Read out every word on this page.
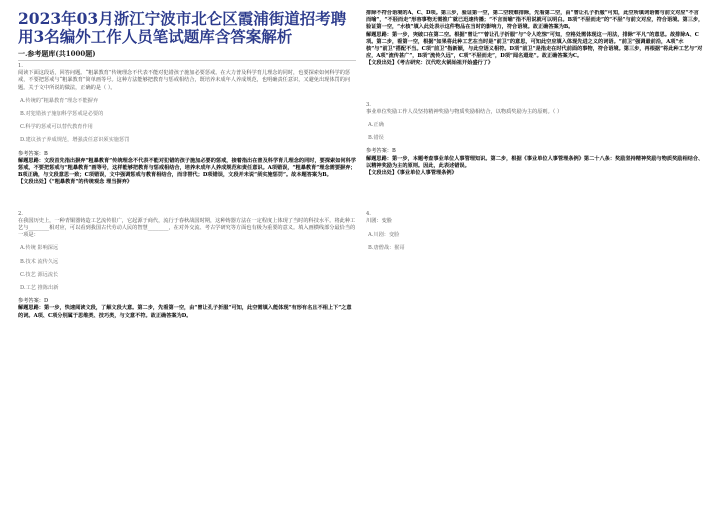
2023年03月浙江宁波市北仑区霞浦街道招考聘用3名编外工作人员笔试题库含答案解析
一.参考题库(共1000题)

1.

阅读下面这段话，回答问题。“粗暴教育”传统理念不代表不能对犯错孩子施加必要惩戒。在大力普及科学育儿理念的同时，也要探索如何科学的惩戒，不要把惩戒与“粗暴教育”简单画等号。这种方法能够把教育与惩戒相结合，既培养未成年人养成规范，也明确责任意识，又避免出现体罚的问题。关于文中所说的做法，正确的是（ ）。

A.传统的“粗暴教育”理念不能摒弃

B.对犯错孩子施加科学惩戒是必要的

C.科学的惩戒可以替代教育作用

D.建议孩子养成规范，增强责任意识须实施惩罚

参考答案：B

解题思路：文段首先指出摒弃“粗暴教育”传统理念不代表不能对犯错的孩子施加必要的惩戒，接着指出在普及科学育儿理念的同时，要探索如何科学惩戒，不要把惩戒与“粗暴教育”画等号，这样能够把教育与惩戒相结合，培养未成年人养成规范和责任意识。A项错误，“粗暴教育”理念需要摒弃；B项正确，与文段意思一致；C项错误，文中强调惩戒与教育相结合，而非替代；D项错误，文段并未说“须实施惩罚”。故本题答案为B。

【文段出处】《“粗暴教育”的传统观念 理当摒弃》

2.

在我国历史上，一种青铜器铸造工艺流传很广，它起源于商代，流行于春秋战国时期，这种铸器方法在一定程度上体现了当时的科技水平。将此种工艺与________相对应，可以看到我国古代劳动人民的智慧________，在对外交流、考古学研究等方面也有极为重要的意义。填入画横线部分最恰当的一项是：

A.传统 影响深远

B.技术 流传久远

C.技艺 源远流长

D.工艺 推陈出新

参考答案：D

解题思路：第一步，快速阅读文段，了解文段大意。第二步，先看第一空，由“曾让孔子折服”可知，此空需填入能体现“有形有名且不相上下”之意的词。A项、C项分别属于思维类、技巧类，与文意不符。故正确答案为D。

排除不符合语境的A、C、D项。第三步，验证第一空，第二空较难排除，先看第二空，由“曾让孔子折服”可知，此空所填词语需与前文对应“不言而喻”，“不胫而走”形容事物无需推广就已迅速传播；“不言而喻”指不用说就可以明白。B项“不胫而走”的“不胫”与前文对应，符合语境。第三步，验证第一空，“水核”填入此处表示这件物品在当时的影响力，符合语境。故正确答案为B。

解题思路：第一步，突破口在第二空。根据“曾让”“曾让孔子折服”与“令人吃惊”可知，空格处需体现这一用法，排除“平凡”的意思。故排除A、C项。第二步，看第一空，根据“如果将此种工艺在当时是“前卫”的意思，可知此空应填入体现先进之义的词语。“前卫”强调最前沿，A项“水核”与“前卫”搭配不当。C项“前卫”指新颖，与此空语义相符。D项“前卫”是指走在时代前面的事物，符合语境。第三步，再根据“将此种工艺与”对应，A项“流传甚广”，B项“流传久远”，C项“不胫而走”，D项“闻名遐迩”。故正确答案为C。

【文段出处】《考古研究：汉代吃火锅始祖开始盛行了》

3.

事业单位奖励工作人员坚持精神奖励与物质奖励相结合，以物质奖励为主的原则。（ ）

A.正确

B.错误

参考答案：B

解题思路：第一步，本题考查事业单位人事管理知识。第二步，根据《事业单位人事管理条例》第二十八条：奖励坚持精神奖励与物质奖励相结合、以精神奖励为主的原则。因此，此表述错误。

【文段出处】《事业单位人事管理条例》

4.

川剧：变脸

A.川剧：变脸

B.唐僧战：猴哥
